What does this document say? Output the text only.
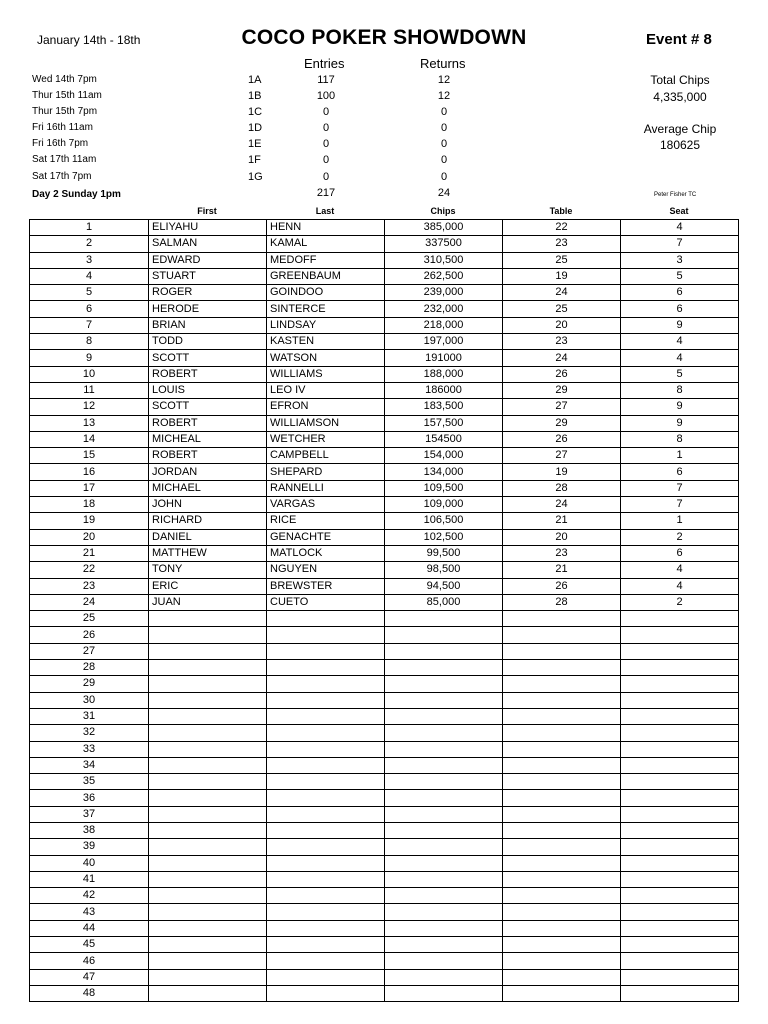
January 14th - 18th	COCO POKER SHOWDOWN	Event # 8
Entries	Returns
Wed 14th 7pm	1A	117	12
Thur 15th 11am	1B	100	12
Thur 15th 7pm	1C	0	0
Fri 16th 11am	1D	0	0
Fri 16th 7pm	1E	0	0
Sat 17th 11am	1F	0	0
Sat 17th 7pm	1G	0	0
Day 2 Sunday 1pm	217	24
Total Chips
4,335,000
Average Chip
180625
Peter Fisher TC
First	Last	Chips	Table	Seat
1	ELIYAHU	HENN	385,000	22	4
2	SALMAN	KAMAL	337500	23	7
3	EDWARD	MEDOFF	310,500	25	3
4	STUART	GREENBAUM	262,500	19	5
5	ROGER	GOINDOO	239,000	24	6
6	HERODE	SINTERCE	232,000	25	6
7	BRIAN	LINDSAY	218,000	20	9
8	TODD	KASTEN	197,000	23	4
9	SCOTT	WATSON	191000	24	4
10	ROBERT	WILLIAMS	188,000	26	5
11	LOUIS	LEO IV	186000	29	8
12	SCOTT	EFRON	183,500	27	9
13	ROBERT	WILLIAMSON	157,500	29	9
14	MICHEAL	WETCHER	154500	26	8
15	ROBERT	CAMPBELL	154,000	27	1
16	JORDAN	SHEPARD	134,000	19	6
17	MICHAEL	RANNELLI	109,500	28	7
18	JOHN	VARGAS	109,000	24	7
19	RICHARD	RICE	106,500	21	1
20	DANIEL	GENACHTE	102,500	20	2
21	MATTHEW	MATLOCK	99,500	23	6
22	TONY	NGUYEN	98,500	21	4
23	ERIC	BREWSTER	94,500	26	4
24	JUAN	CUETO	85,000	28	2
25					
26					
27					
28					
29					
30					
31					
32					
33					
34					
35					
36					
37					
38					
39					
40					
41					
42					
43					
44					
45					
46					
47					
48					
